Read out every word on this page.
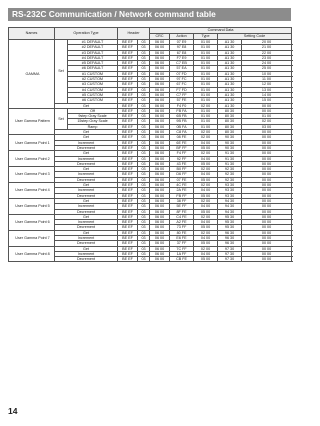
RS-232C Communication / Network command table
Names	Operation Type		Header		Command Data				
					CRC	Action	Type	Setting Code	
GAMMA	Set	#1 DEFAULT	BE EF	03	06 00	07 E9	01 00	A1 30	20 00
		#2 DEFAULT	BE EF	03	06 00	97 E8	01 00	A1 30	21 00
		#3 DEFAULT	BE EF	03	06 00	67 E8	01 00	A1 30	22 00
		#4 DEFAULT	BE EF	03	06 00	F7 E9	01 00	A1 30	23 00
		#5 DEFAULT	BE EF	03	06 00	C7 EB	01 00	A1 30	24 00
		#6 DEFAULT	BE EF	03	06 00	57 EA	01 00	A1 30	25 00
		#1 CUSTOM	BE EF	03	06 00	07 FD	01 00	A1 30	10 00
		#2 CUSTOM	BE EF	03	06 00	97 FC	01 00	A1 30	11 00
		#3 CUSTOM	BE EF	03	06 00	67 FC	01 00	A1 30	12 00
		#4 CUSTOM	BE EF	03	06 00	F7 FD	01 00	A1 30	13 00
		#5 CUSTOM	BE EF	03	06 00	C7 FF	01 00	A1 30	14 00
		#6 CUSTOM	BE EF	03	06 00	57 FE	01 00	A1 30	15 00
	Get		BE EF	03	06 00	F4 F0	02 00	A1 30	00 00
User Gamma Pattern	Set	Off	BE EF	03	06 00	FB FA	01 00	80 30	00 00
		9step Gray Scale	BE EF	03	06 00	6B FB	01 00	80 30	01 00
		15step Gray Scale	BE EF	03	06 00	9B FB	01 00	80 30	02 00
		Ramp	BE EF	03	06 00	0B FA	01 00	80 30	03 00
	Get		BE EF	03	06 00	C8 FA	02 00	80 30	00 00
User Gamma Point 1	Get		BE EF	03	06 00	08 FE	02 00	90 30	00 00
	Increment		BE EF	03	06 00	6E FE	04 00	90 30	00 00
	Decrement		BE EF	03	06 00	BF FF	05 00	90 30	00 00
User Gamma Point 2	Get		BE EF	03	06 00	F4 FF	02 00	91 30	00 00
	Increment		BE EF	03	06 00	92 FF	04 00	91 30	00 00
	Decrement		BE EF	03	06 00	43 FE	05 00	91 30	00 00
User Gamma Point 3	Get		BE EF	03	06 00	B0 FF	02 00	92 30	00 00
	Increment		BE EF	03	06 00	D6 FF	04 00	92 30	00 00
	Decrement		BE EF	03	06 00	07 FE	05 00	92 30	00 00
User Gamma Point 4	Get		BE EF	03	06 00	4C FE	02 00	93 30	00 00
	Increment		BE EF	03	06 00	2A FE	04 00	93 30	00 00
	Decrement		BE EF	03	06 00	FB FF	05 00	93 30	00 00
User Gamma Point 5	Get		BE EF	03	06 00	38 FF	02 00	94 30	00 00
	Increment		BE EF	03	06 00	5E FF	04 00	94 30	00 00
	Decrement		BE EF	03	06 00	8F FE	05 00	94 30	00 00
User Gamma Point 6	Get		BE EF	03	06 00	C4 FE	02 00	95 30	00 00
	Increment		BE EF	03	06 00	A2 FE	04 00	95 30	00 00
	Decrement		BE EF	03	06 00	73 FF	05 00	95 30	00 00
User Gamma Point 7	Get		BE EF	03	06 00	80 FE	02 00	96 30	00 00
	Increment		BE EF	03	06 00	E6 FE	04 00	96 30	00 00
	Decrement		BE EF	03	06 00	37 FF	05 00	96 30	00 00
User Gamma Point 8	Get		BE EF	03	06 00	7C FF	02 00	97 30	00 00
	Increment		BE EF	03	06 00	1A FF	04 00	97 30	00 00
	Decrement		BE EF	03	06 00	CB FE	05 00	97 30	00 00
14
